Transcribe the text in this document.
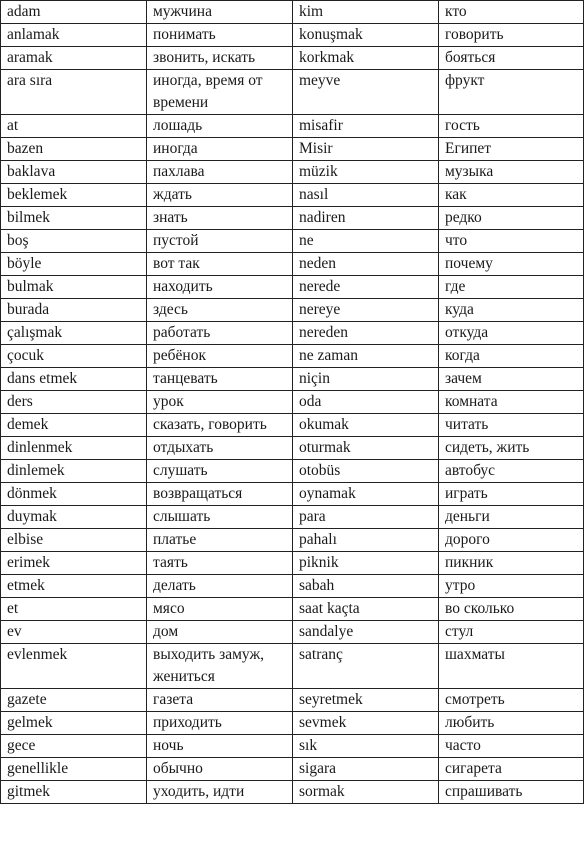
adam	мужчина	kim	кто
anlamak	понимать	konuşmak	говорить
aramak	звонить, искать	korkmak	бояться
ara sıra	иногда, время от времени	meyve	фрукт
at	лошадь	misafir	гость
bazen	иногда	Misir	Египет
baklava	пахлава	müzik	музыка
beklemek	ждать	nasıl	как
bilmek	знать	nadiren	редко
boş	пустой	ne	что
böyle	вот так	neden	почему
bulmak	находить	nerede	где
burada	здесь	nereye	куда
çalışmak	работать	nereden	откуда
çocuk	ребёнок	ne zaman	когда
dans etmek	танцевать	niçin	зачем
ders	урок	oda	комната
demek	сказать, говорить	okumak	читать
dinlenmek	отдыхать	oturmak	сидеть, жить
dinlemek	слушать	otobüs	автобус
dönmek	возвращаться	oynamak	играть
duymak	слышать	para	деньги
elbise	платье	pahalı	дорого
erimek	таять	piknik	пикник
etmek	делать	sabah	утро
et	мясо	saat kaçta	во сколько
ev	дом	sandalye	стул
evlenmek	выходить замуж, жениться	satranç	шахматы
gazete	газета	seyretmek	смотреть
gelmek	приходить	sevmek	любить
gece	ночь	sık	часто
genellikle	обычно	sigara	сигарета
gitmek	уходить, идти	sormak	спрашивать
